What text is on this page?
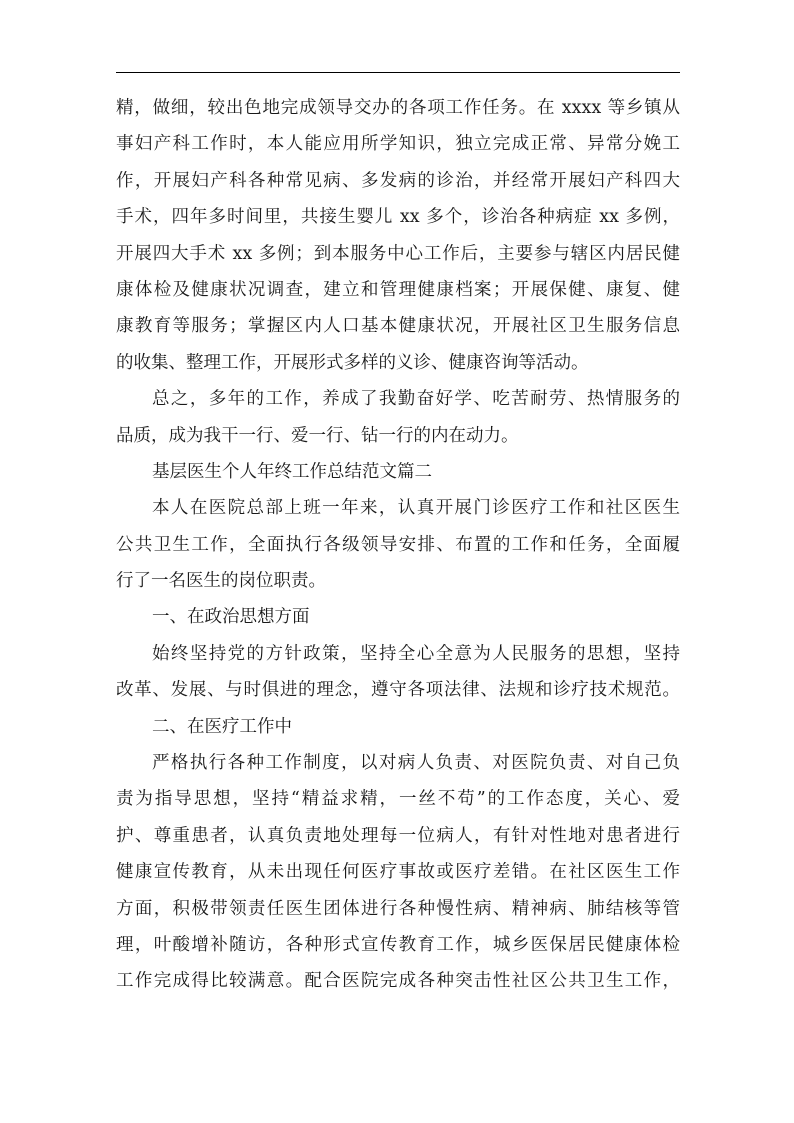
精，做细，较出色地完成领导交办的各项工作任务。在 xxxx 等乡镇从
事妇产科工作时，本人能应用所学知识，独立完成正常、异常分娩工
作，开展妇产科各种常见病、多发病的诊治，并经常开展妇产科四大
手术，四年多时间里，共接生婴儿 xx 多个，诊治各种病症 xx 多例，
开展四大手术 xx 多例；到本服务中心工作后，主要参与辖区内居民健
康体检及健康状况调查，建立和管理健康档案；开展保健、康复、健
康教育等服务；掌握区内人口基本健康状况，开展社区卫生服务信息
的收集、整理工作，开展形式多样的义诊、健康咨询等活动。
总之，多年的工作，养成了我勤奋好学、吃苦耐劳、热情服务的
品质，成为我干一行、爱一行、钻一行的内在动力。
基层医生个人年终工作总结范文篇二
本人在医院总部上班一年来，认真开展门诊医疗工作和社区医生
公共卫生工作，全面执行各级领导安排、布置的工作和任务，全面履
行了一名医生的岗位职责。
一、在政治思想方面
始终坚持党的方针政策，坚持全心全意为人民服务的思想，坚持
改革、发展、与时俱进的理念，遵守各项法律、法规和诊疗技术规范。
二、在医疗工作中
严格执行各种工作制度，以对病人负责、对医院负责、对自己负
责为指导思想，坚持“精益求精，一丝不苟”的工作态度，关心、爱
护、尊重患者，认真负责地处理每一位病人，有针对性地对患者进行
健康宣传教育，从未出现任何医疗事故或医疗差错。在社区医生工作
方面，积极带领责任医生团体进行各种慢性病、精神病、肺结核等管
理，叶酸增补随访，各种形式宣传教育工作，城乡医保居民健康体检
工作完成得比较满意。配合医院完成各种突击性社区公共卫生工作，
